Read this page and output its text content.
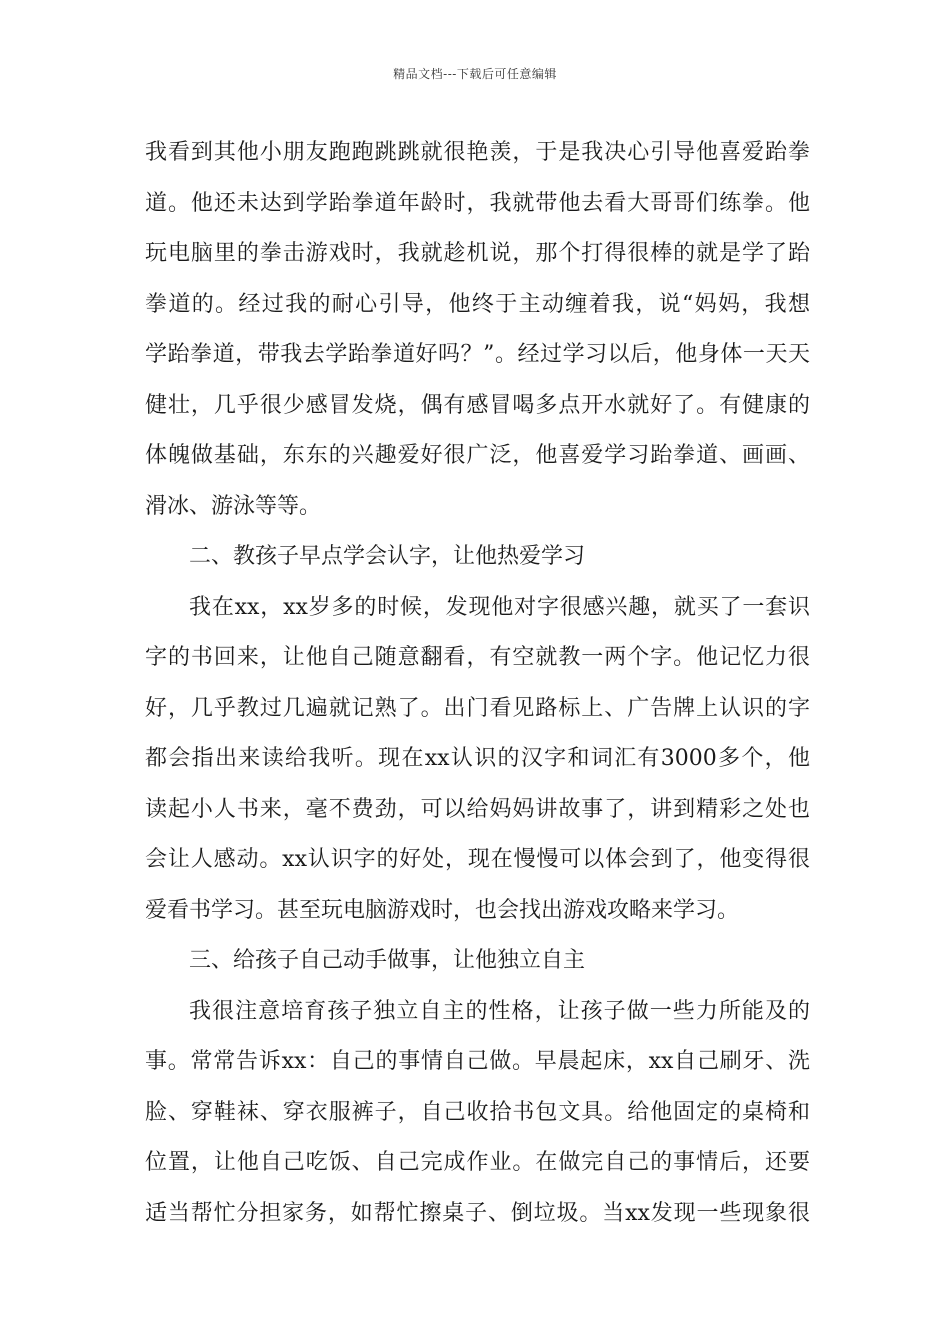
精品文档---下载后可任意编辑
我看到其他小朋友跑跑跳跳就很艳羡，于是我决心引导他喜爱跆拳
道。他还未达到学跆拳道年龄时，我就带他去看大哥哥们练拳。他
玩电脑里的拳击游戏时，我就趁机说，那个打得很棒的就是学了跆
拳道的。经过我的耐心引导，他终于主动缠着我，说“妈妈，我想
学跆拳道，带我去学跆拳道好吗？”。经过学习以后，他身体一天天
健壮，几乎很少感冒发烧，偶有感冒喝多点开水就好了。有健康的
体魄做基础，东东的兴趣爱好很广泛，他喜爱学习跆拳道、画画、
滑冰、游泳等等。
二、教孩子早点学会认字，让他热爱学习
我在xx，xx岁多的时候，发现他对字很感兴趣，就买了一套识
字的书回来，让他自己随意翻看，有空就教一两个字。他记忆力很
好，几乎教过几遍就记熟了。出门看见路标上、广告牌上认识的字
都会指出来读给我听。现在xx认识的汉字和词汇有3000多个，他
读起小人书来，毫不费劲，可以给妈妈讲故事了，讲到精彩之处也
会让人感动。xx认识字的好处，现在慢慢可以体会到了，他变得很
爱看书学习。甚至玩电脑游戏时，也会找出游戏攻略来学习。
三、给孩子自己动手做事，让他独立自主
我很注意培育孩子独立自主的性格，让孩子做一些力所能及的
事。常常告诉xx：自己的事情自己做。早晨起床，xx自己刷牙、洗
脸、穿鞋袜、穿衣服裤子，自己收拾书包文具。给他固定的桌椅和
位置，让他自己吃饭、自己完成作业。在做完自己的事情后，还要
适当帮忙分担家务，如帮忙擦桌子、倒垃圾。当xx发现一些现象很
